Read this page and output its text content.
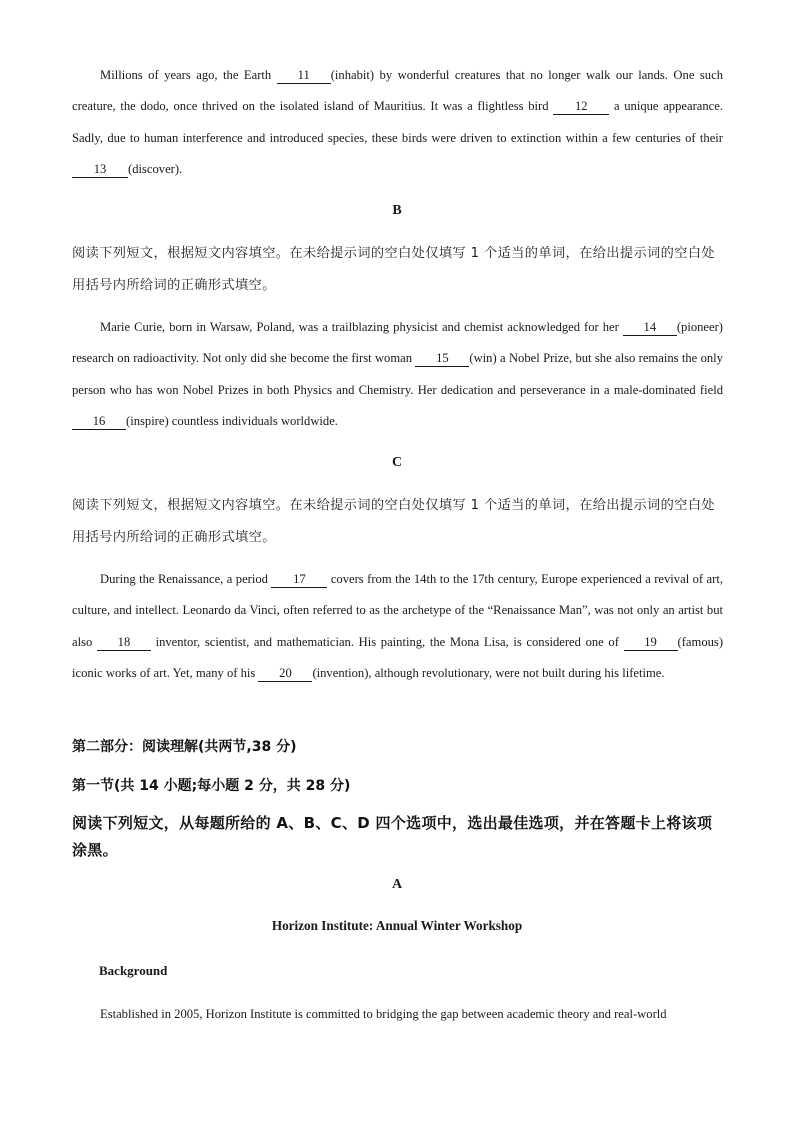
Millions of years ago, the Earth 11 (inhabit) by wonderful creatures that no longer walk our lands. One such creature, the dodo, once thrived on the isolated island of Mauritius. It was a flightless bird 12 a unique appearance. Sadly, due to human interference and introduced species, these birds were driven to extinction within a few centuries of their 13 (discover).

B

阅读下列短文，根据短文内容填空。在未给提示词的空白处仅填写 1 个适当的单词，在给出提示词的空白处用括号内所给词的正确形式填空。

Marie Curie, born in Warsaw, Poland, was a trailblazing physicist and chemist acknowledged for her 14 (pioneer) research on radioactivity. Not only did she become the first woman 15 (win) a Nobel Prize, but she also remains the only person who has won Nobel Prizes in both Physics and Chemistry. Her dedication and perseverance in a male-dominated field 16 (inspire) countless individuals worldwide.

C

阅读下列短文，根据短文内容填空。在未给提示词的空白处仅填写 1 个适当的单词，在给出提示词的空白处用括号内所给词的正确形式填空。

During the Renaissance, a period 17 covers from the 14th to the 17th century, Europe experienced a revival of art, culture, and intellect. Leonardo da Vinci, often referred to as the archetype of the “Renaissance Man”, was not only an artist but also 18 inventor, scientist, and mathematician. His painting, the Mona Lisa, is considered one of 19 (famous) iconic works of art. Yet, many of his 20 (invention), although revolutionary, were not built during his lifetime.

第二部分：阅读理解(共两节,38 分)

第一节(共 14 小题;每小题 2 分，共 28 分)

阅读下列短文，从每题所给的 A、B、C、D 四个选项中，选出最佳选项，并在答题卡上将该项涂黑。

A

Horizon Institute: Annual Winter Workshop

Background

Established in 2005, Horizon Institute is committed to bridging the gap between academic theory and real-world
